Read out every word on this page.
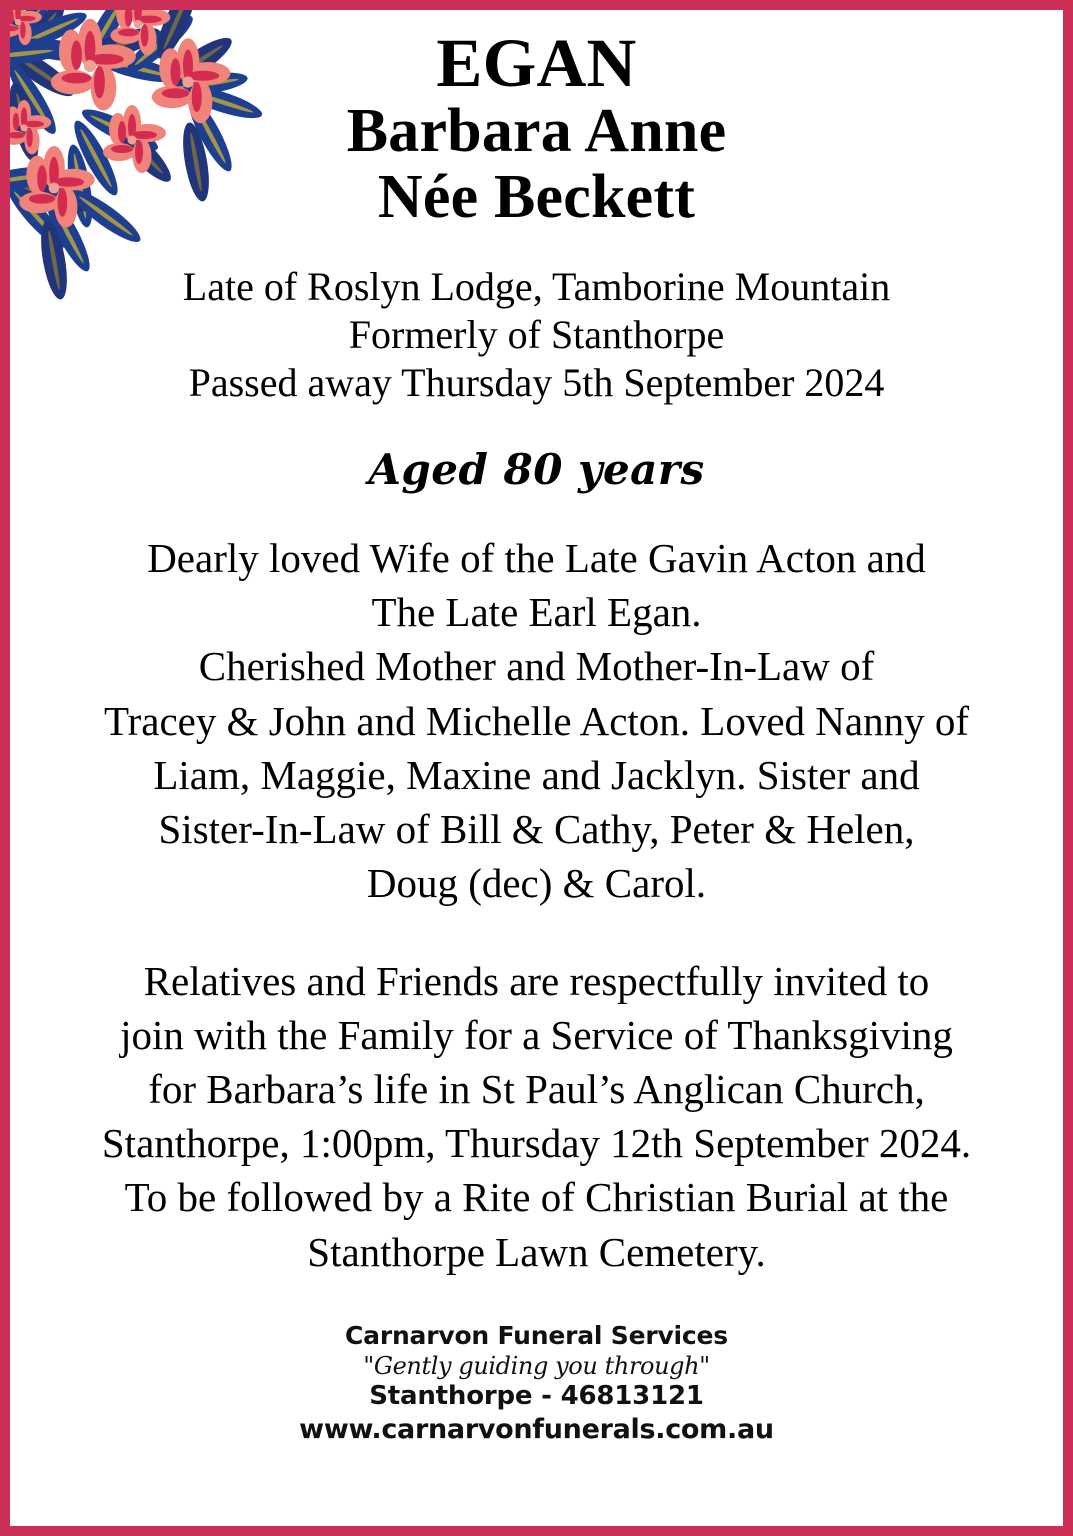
EGAN
Barbara Anne
Née Beckett
Late of Roslyn Lodge, Tamborine Mountain
Formerly of Stanthorpe
Passed away Thursday 5th September 2024
Aged 80 years
Dearly loved Wife of the Late Gavin Acton and
The Late Earl Egan.
Cherished Mother and Mother-In-Law of
Tracey & John and Michelle Acton. Loved Nanny of
Liam, Maggie, Maxine and Jacklyn. Sister and
Sister-In-Law of Bill & Cathy, Peter & Helen,
Doug (dec) & Carol.
Relatives and Friends are respectfully invited to
join with the Family for a Service of Thanksgiving
for Barbara’s life in St Paul’s Anglican Church,
Stanthorpe, 1:00pm, Thursday 12th September 2024.
To be followed by a Rite of Christian Burial at the
Stanthorpe Lawn Cemetery.
Carnarvon Funeral Services
"Gently guiding you through"
Stanthorpe - 46813121
www.carnarvonfunerals.com.au
